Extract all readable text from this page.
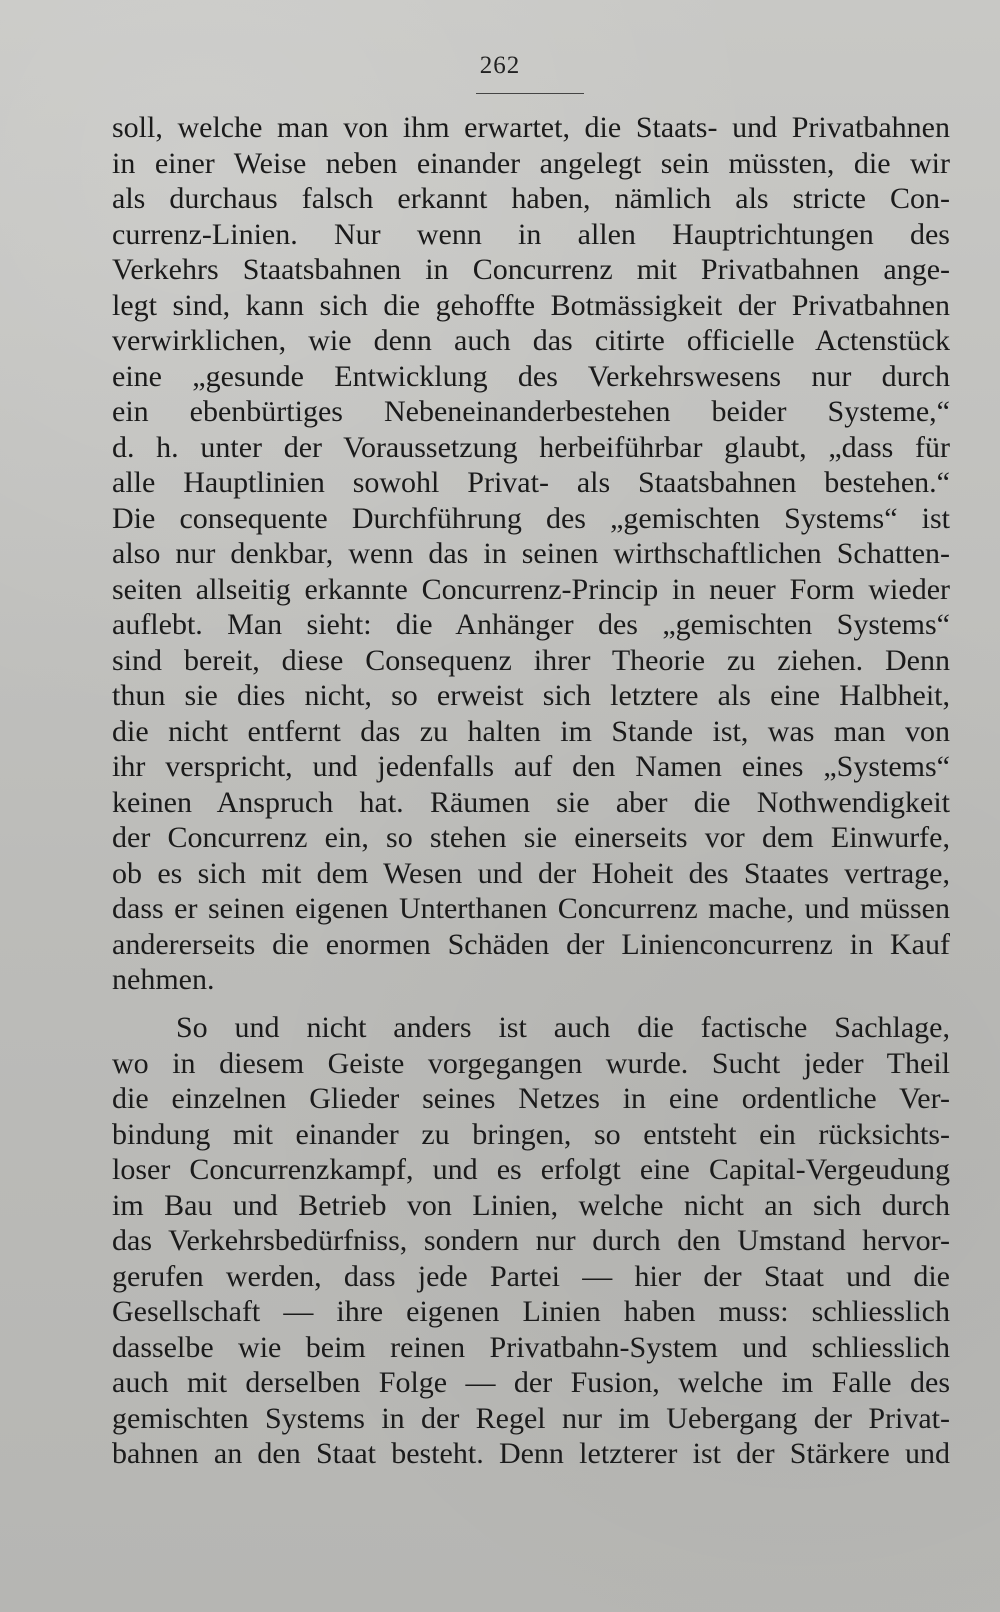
262
soll, welche man von ihm erwartet, die Staats- und Privatbahnen
in einer Weise neben einander angelegt sein müssten, die wir
als durchaus falsch erkannt haben, nämlich als stricte Con-
currenz-Linien. Nur wenn in allen Hauptrichtungen des
Verkehrs Staatsbahnen in Concurrenz mit Privatbahnen ange-
legt sind, kann sich die gehoffte Botmässigkeit der Privatbahnen
verwirklichen, wie denn auch das citirte officielle Actenstück
eine „gesunde Entwicklung des Verkehrswesens nur durch
ein ebenbürtiges Nebeneinanderbestehen beider Systeme,“
d. h. unter der Voraussetzung herbeiführbar glaubt, „dass für
alle Hauptlinien sowohl Privat- als Staatsbahnen bestehen.“
Die consequente Durchführung des „gemischten Systems“ ist
also nur denkbar, wenn das in seinen wirthschaftlichen Schatten-
seiten allseitig erkannte Concurrenz-Princip in neuer Form wieder
auflebt. Man sieht: die Anhänger des „gemischten Systems“
sind bereit, diese Consequenz ihrer Theorie zu ziehen. Denn
thun sie dies nicht, so erweist sich letztere als eine Halbheit,
die nicht entfernt das zu halten im Stande ist, was man von
ihr verspricht, und jedenfalls auf den Namen eines „Systems“
keinen Anspruch hat. Räumen sie aber die Nothwendigkeit
der Concurrenz ein, so stehen sie einerseits vor dem Einwurfe,
ob es sich mit dem Wesen und der Hoheit des Staates vertrage,
dass er seinen eigenen Unterthanen Concurrenz mache, und müssen
andererseits die enormen Schäden der Linienconcurrenz in Kauf
nehmen.
So und nicht anders ist auch die factische Sachlage,
wo in diesem Geiste vorgegangen wurde. Sucht jeder Theil
die einzelnen Glieder seines Netzes in eine ordentliche Ver-
bindung mit einander zu bringen, so entsteht ein rücksichts-
loser Concurrenzkampf, und es erfolgt eine Capital-Vergeudung
im Bau und Betrieb von Linien, welche nicht an sich durch
das Verkehrsbedürfniss, sondern nur durch den Umstand hervor-
gerufen werden, dass jede Partei — hier der Staat und die
Gesellschaft — ihre eigenen Linien haben muss: schliesslich
dasselbe wie beim reinen Privatbahn-System und schliesslich
auch mit derselben Folge — der Fusion, welche im Falle des
gemischten Systems in der Regel nur im Uebergang der Privat-
bahnen an den Staat besteht. Denn letzterer ist der Stärkere und
